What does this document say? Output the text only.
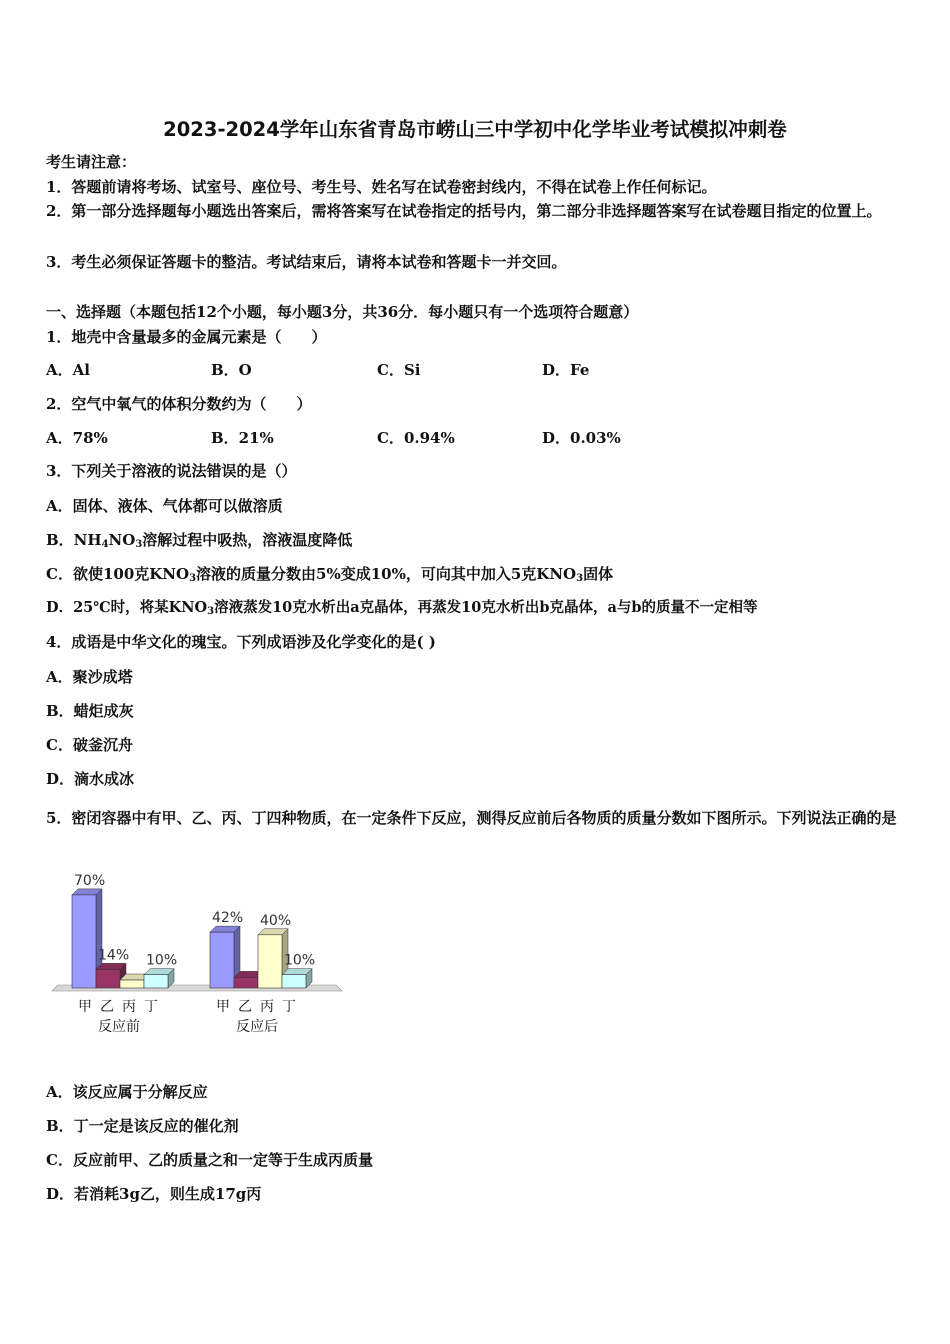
2023-2024学年山东省青岛市崂山三中学初中化学毕业考试模拟冲刺卷
考生请注意：
1．答题前请将考场、试室号、座位号、考生号、姓名写在试卷密封线内，不得在试卷上作任何标记。
2．第一部分选择题每小题选出答案后，需将答案写在试卷指定的括号内，第二部分非选择题答案写在试卷题目指定的位置上。
3．考生必须保证答题卡的整洁。考试结束后，请将本试卷和答题卡一并交回。
一、选择题（本题包括12个小题，每小题3分，共36分．每小题只有一个选项符合题意）
1．地壳中含量最多的金属元素是（　　）
A．Al	B．O	C．Si	D．Fe
2．空气中氧气的体积分数约为（　　）
A．78%	B．21%	C．0.94%	D．0.03%
3．下列关于溶液的说法错误的是（）
A．固体、液体、气体都可以做溶质
B．$NH_4NO_3$溶解过程中吸热，溶液温度降低
C．欲使100克$KNO_3$溶液的质量分数由5%变成10%，可向其中加入5克$KNO_3$固体
D．25℃时，将某$KNO_3$溶液蒸发10克水析出a克晶体，再蒸发10克水析出b克晶体，a与b的质量不一定相等
4．成语是中华文化的瑰宝。下列成语涉及化学变化的是( )
A．聚沙成塔
B．蜡炬成灰
C．破釜沉舟
D．滴水成冰
5．密闭容器中有甲、乙、丙、丁四种物质，在一定条件下反应，测得反应前后各物质的质量分数如下图所示。下列说法正确的是
70%
甲
14%
乙 丙
10%
丁
反应前
42%
甲 乙
40%
丙
10%
丁
反应后
A．该反应属于分解反应
B．丁一定是该反应的催化剂
C．反应前甲、乙的质量之和一定等于生成丙质量
D．若消耗3g乙，则生成17g丙
